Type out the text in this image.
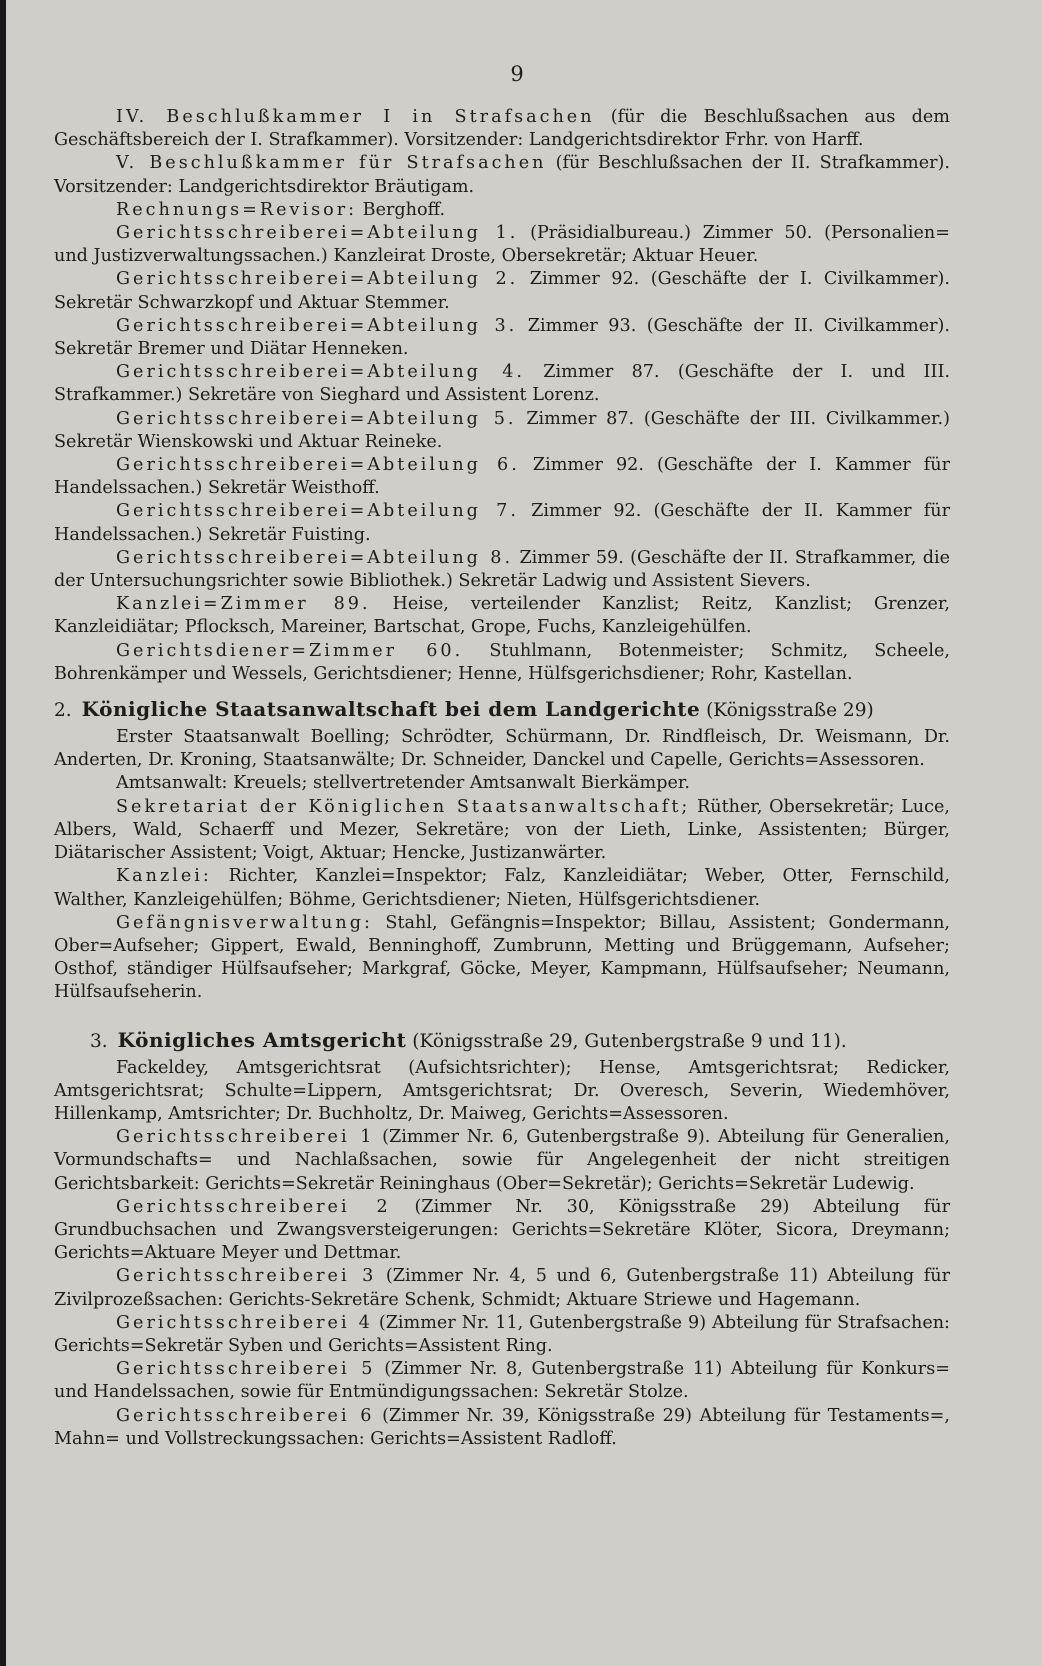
9

IV. Beschlußkammer I in Strafsachen (für die Beschlußsachen aus dem Geschäftsbereich der I. Strafkammer). Vorsitzender: Landgerichtsdirektor Frhr. von Harff.

V. Beschlußkammer für Strafsachen (für Beschlußsachen der II. Strafkammer). Vorsitzender: Landgerichtsdirektor Bräutigam.

Rechnungs=Revisor: Berghoff.

Gerichtsschreiberei=Abteilung 1. (Präsidialbureau.) Zimmer 50. (Personalien= und Justizverwaltungssachen.) Kanzleirat Droste, Obersekretär; Aktuar Heuer.

Gerichtsschreiberei=Abteilung 2. Zimmer 92. (Geschäfte der I. Civilkammer). Sekretär Schwarzkopf und Aktuar Stemmer.

Gerichtsschreiberei=Abteilung 3. Zimmer 93. (Geschäfte der II. Civilkammer). Sekretär Bremer und Diätar Henneken.

Gerichtsschreiberei=Abteilung 4. Zimmer 87. (Geschäfte der I. und III. Strafkammer.) Sekretäre von Sieghard und Assistent Lorenz.

Gerichtsschreiberei=Abteilung 5. Zimmer 87. (Geschäfte der III. Civilkammer.) Sekretär Wienskowski und Aktuar Reineke.

Gerichtsschreiberei=Abteilung 6. Zimmer 92. (Geschäfte der I. Kammer für Handelssachen.) Sekretär Weisthoff.

Gerichtsschreiberei=Abteilung 7. Zimmer 92. (Geschäfte der II. Kammer für Handelssachen.) Sekretär Fuisting.

Gerichtsschreiberei=Abteilung 8. Zimmer 59. (Geschäfte der II. Strafkammer, die der Untersuchungsrichter sowie Bibliothek.) Sekretär Ladwig und Assistent Sievers.

Kanzlei=Zimmer 89. Heise, verteilender Kanzlist; Reitz, Kanzlist; Grenzer, Kanzleidiätar; Pflocksch, Mareiner, Bartschat, Grope, Fuchs, Kanzleigehülfen.

Gerichtsdiener=Zimmer 60. Stuhlmann, Botenmeister; Schmitz, Scheele, Bohrenkämper und Wessels, Gerichtsdiener; Henne, Hülfsgerichsdiener; Rohr, Kastellan.

2. Königliche Staatsanwaltschaft bei dem Landgerichte (Königsstraße 29)

Erster Staatsanwalt Boelling; Schrödter, Schürmann, Dr. Rindfleisch, Dr. Weismann, Dr. Anderten, Dr. Kroning, Staatsanwälte; Dr. Schneider, Danckel und Capelle, Gerichts=Assessoren.

Amtsanwalt: Kreuels; stellvertretender Amtsanwalt Bierkämper.

Sekretariat der Königlichen Staatsanwaltschaft; Rüther, Obersekretär; Luce, Albers, Wald, Schaerff und Mezer, Sekretäre; von der Lieth, Linke, Assistenten; Bürger, Diätarischer Assistent; Voigt, Aktuar; Hencke, Justizanwärter.

Kanzlei: Richter, Kanzlei=Inspektor; Falz, Kanzleidiätar; Weber, Otter, Fernschild, Walther, Kanzleigehülfen; Böhme, Gerichtsdiener; Nieten, Hülfsgerichtsdiener.

Gefängnisverwaltung: Stahl, Gefängnis=Inspektor; Billau, Assistent; Gondermann, Ober=Aufseher; Gippert, Ewald, Benninghoff, Zumbrunn, Metting und Brüggemann, Aufseher; Osthof, ständiger Hülfsaufseher; Markgraf, Göcke, Meyer, Kampmann, Hülfsaufseher; Neumann, Hülfsaufseherin.

3. Königliches Amtsgericht (Königsstraße 29, Gutenbergstraße 9 und 11).

Fackeldey, Amtsgerichtsrat (Aufsichtsrichter); Hense, Amtsgerichtsrat; Redicker, Amtsgerichtsrat; Schulte=Lippern, Amtsgerichtsrat; Dr. Overesch, Severin, Wiedemhöver, Hillenkamp, Amtsrichter; Dr. Buchholtz, Dr. Maiweg, Gerichts=Assessoren.

Gerichtsschreiberei 1 (Zimmer Nr. 6, Gutenbergstraße 9). Abteilung für Generalien, Vormundschafts= und Nachlaßsachen, sowie für Angelegenheit der nicht streitigen Gerichtsbarkeit: Gerichts=Sekretär Reininghaus (Ober=Sekretär); Gerichts=Sekretär Ludewig.

Gerichtsschreiberei 2 (Zimmer Nr. 30, Königsstraße 29) Abteilung für Grundbuchsachen und Zwangsversteigerungen: Gerichts=Sekretäre Klöter, Sicora, Dreymann; Gerichts=Aktuare Meyer und Dettmar.

Gerichtsschreiberei 3 (Zimmer Nr. 4, 5 und 6, Gutenbergstraße 11) Abteilung für Zivilprozeßsachen: Gerichts-Sekretäre Schenk, Schmidt; Aktuare Striewe und Hagemann.

Gerichtsschreiberei 4 (Zimmer Nr. 11, Gutenbergstraße 9) Abteilung für Strafsachen: Gerichts=Sekretär Syben und Gerichts=Assistent Ring.

Gerichtsschreiberei 5 (Zimmer Nr. 8, Gutenbergstraße 11) Abteilung für Konkurs= und Handelssachen, sowie für Entmündigungssachen: Sekretär Stolze.

Gerichtsschreiberei 6 (Zimmer Nr. 39, Königsstraße 29) Abteilung für Testaments=, Mahn= und Vollstreckungssachen: Gerichts=Assistent Radloff.
